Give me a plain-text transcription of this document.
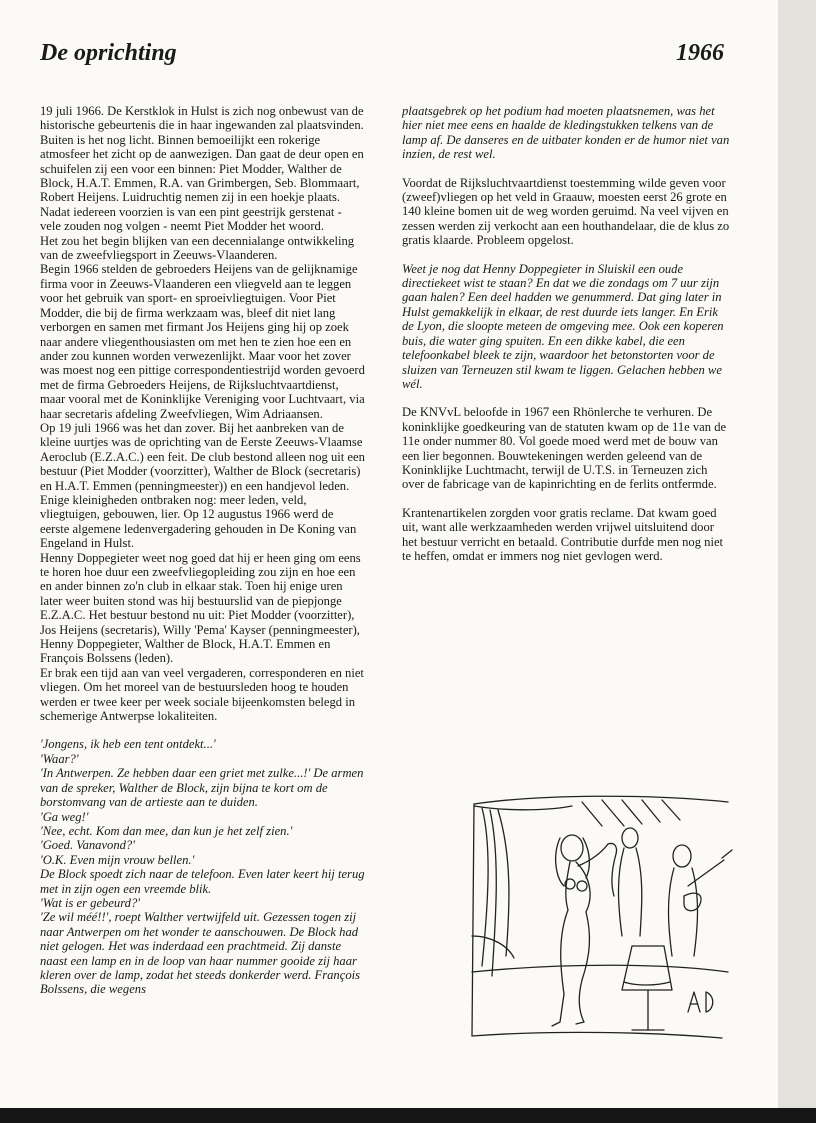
De oprichting	1966

19 juli 1966. De Kerstklok in Hulst is zich nog onbewust van de historische gebeurtenis die in haar ingewanden zal plaatsvinden. Buiten is het nog licht. Binnen bemoeilijkt een rokerige atmosfeer het zicht op de aanwezigen. Dan gaat de deur open en schuifelen zij een voor een binnen: Piet Modder, Walther de Block, H.A.T. Emmen, R.A. van Grimbergen, Seb. Blommaart, Robert Heijens. Luidruchtig nemen zij in een hoekje plaats. Nadat iedereen voorzien is van een pint geestrijk gerstenat - vele zouden nog volgen - neemt Piet Modder het woord.

Het zou het begin blijken van een decennialange ontwikkeling van de zweefvliegsport in Zeeuws-Vlaanderen.

Begin 1966 stelden de gebroeders Heijens van de gelijknamige firma voor in Zeeuws-Vlaanderen een vliegveld aan te leggen voor het gebruik van sport- en sproeivliegtuigen. Voor Piet Modder, die bij de firma werkzaam was, bleef dit niet lang verborgen en samen met firmant Jos Heijens ging hij op zoek naar andere vliegenthousiasten om met hen te zien hoe een en ander zou kunnen worden verwezenlijkt. Maar voor het zover was moest nog een pittige correspondentiestrijd worden gevoerd met de firma Gebroeders Heijens, de Rijksluchtvaartdienst, maar vooral met de Koninklijke Vereniging voor Luchtvaart, via haar secretaris afdeling Zweefvliegen, Wim Adriaansen.

Op 19 juli 1966 was het dan zover. Bij het aanbreken van de kleine uurtjes was de oprichting van de Eerste Zeeuws-Vlaamse Aeroclub (E.Z.A.C.) een feit. De club bestond alleen nog uit een bestuur (Piet Modder (voorzitter), Walther de Block (secretaris) en H.A.T. Emmen (penningmeester)) en een handjevol leden. Enige kleinigheden ontbraken nog: meer leden, veld, vliegtuigen, gebouwen, lier. Op 12 augustus 1966 werd de eerste algemene ledenvergadering gehouden in De Koning van Engeland in Hulst.

Henny Doppegieter weet nog goed dat hij er heen ging om eens te horen hoe duur een zweefvliegopleiding zou zijn en hoe een en ander binnen zo'n club in elkaar stak. Toen hij enige uren later weer buiten stond was hij bestuurslid van de piepjonge E.Z.A.C. Het bestuur bestond nu uit: Piet Modder (voorzitter), Jos Heijens (secretaris), Willy 'Pema' Kayser (penningmeester), Henny Doppegieter, Walther de Block, H.A.T. Emmen en François Bolssens (leden).

Er brak een tijd aan van veel vergaderen, corresponderen en niet vliegen. Om het moreel van de bestuursleden hoog te houden werden er twee keer per week sociale bijeenkomsten belegd in schemerige Antwerpse lokaliteiten.

'Jongens, ik heb een tent ontdekt...'
'Waar?'
'In Antwerpen. Ze hebben daar een griet met zulke...!' De armen van de spreker, Walther de Block, zijn bijna te kort om de borstomvang van de artieste aan te duiden.
'Ga weg!'
'Nee, echt. Kom dan mee, dan kun je het zelf zien.'
'Goed. Vanavond?'
'O.K. Even mijn vrouw bellen.'
De Block spoedt zich naar de telefoon. Even later keert hij terug met in zijn ogen een vreemde blik.
'Wat is er gebeurd?'
'Ze wil méé!!', roept Walther vertwijfeld uit. Gezessen togen zij naar Antwerpen om het wonder te aanschouwen. De Block had niet gelogen. Het was inderdaad een prachtmeid. Zij danste naast een lamp en in de loop van haar nummer gooide zij haar kleren over de lamp, zodat het steeds donkerder werd. François Bolssens, die wegens

plaatsgebrek op het podium had moeten plaatsnemen, was het hier niet mee eens en haalde de kledingstukken telkens van de lamp af. De danseres en de uitbater konden er de humor niet van inzien, de rest wel.

Voordat de Rijksluchtvaartdienst toestemming wilde geven voor (zweef)vliegen op het veld in Graauw, moesten eerst 26 grote en 140 kleine bomen uit de weg worden geruimd. Na veel vijven en zessen werden zij verkocht aan een houthandelaar, die de klus zo gratis klaarde. Probleem opgelost.

Weet je nog dat Henny Doppegieter in Sluiskil een oude directiekeet wist te staan? En dat we die zondags om 7 uur zijn gaan halen? Een deel hadden we genummerd. Dat ging later in Hulst gemakkelijk in elkaar, de rest duurde iets langer. En Erik de Lyon, die sloopte meteen de omgeving mee. Ook een koperen buis, die water ging spuiten. En een dikke kabel, die een telefoonkabel bleek te zijn, waardoor het betonstorten voor de sluizen van Terneuzen stil kwam te liggen. Gelachen hebben we wél.

De KNVvL beloofde in 1967 een Rhönlerche te verhuren. De koninklijke goedkeuring van de statuten kwam op de 11e van de 11e onder nummer 80. Vol goede moed werd met de bouw van een lier begonnen. Bouwtekeningen werden geleend van de Koninklijke Luchtmacht, terwijl de U.T.S. in Terneuzen zich over de fabricage van de kapinrichting en de ferlits ontfermde.

Krantenartikelen zorgden voor gratis reclame. Dat kwam goed uit, want alle werkzaamheden werden vrijwel uitsluitend door het bestuur verricht en betaald. Contributie durfde men nog niet te heffen, omdat er immers nog niet gevlogen werd.
